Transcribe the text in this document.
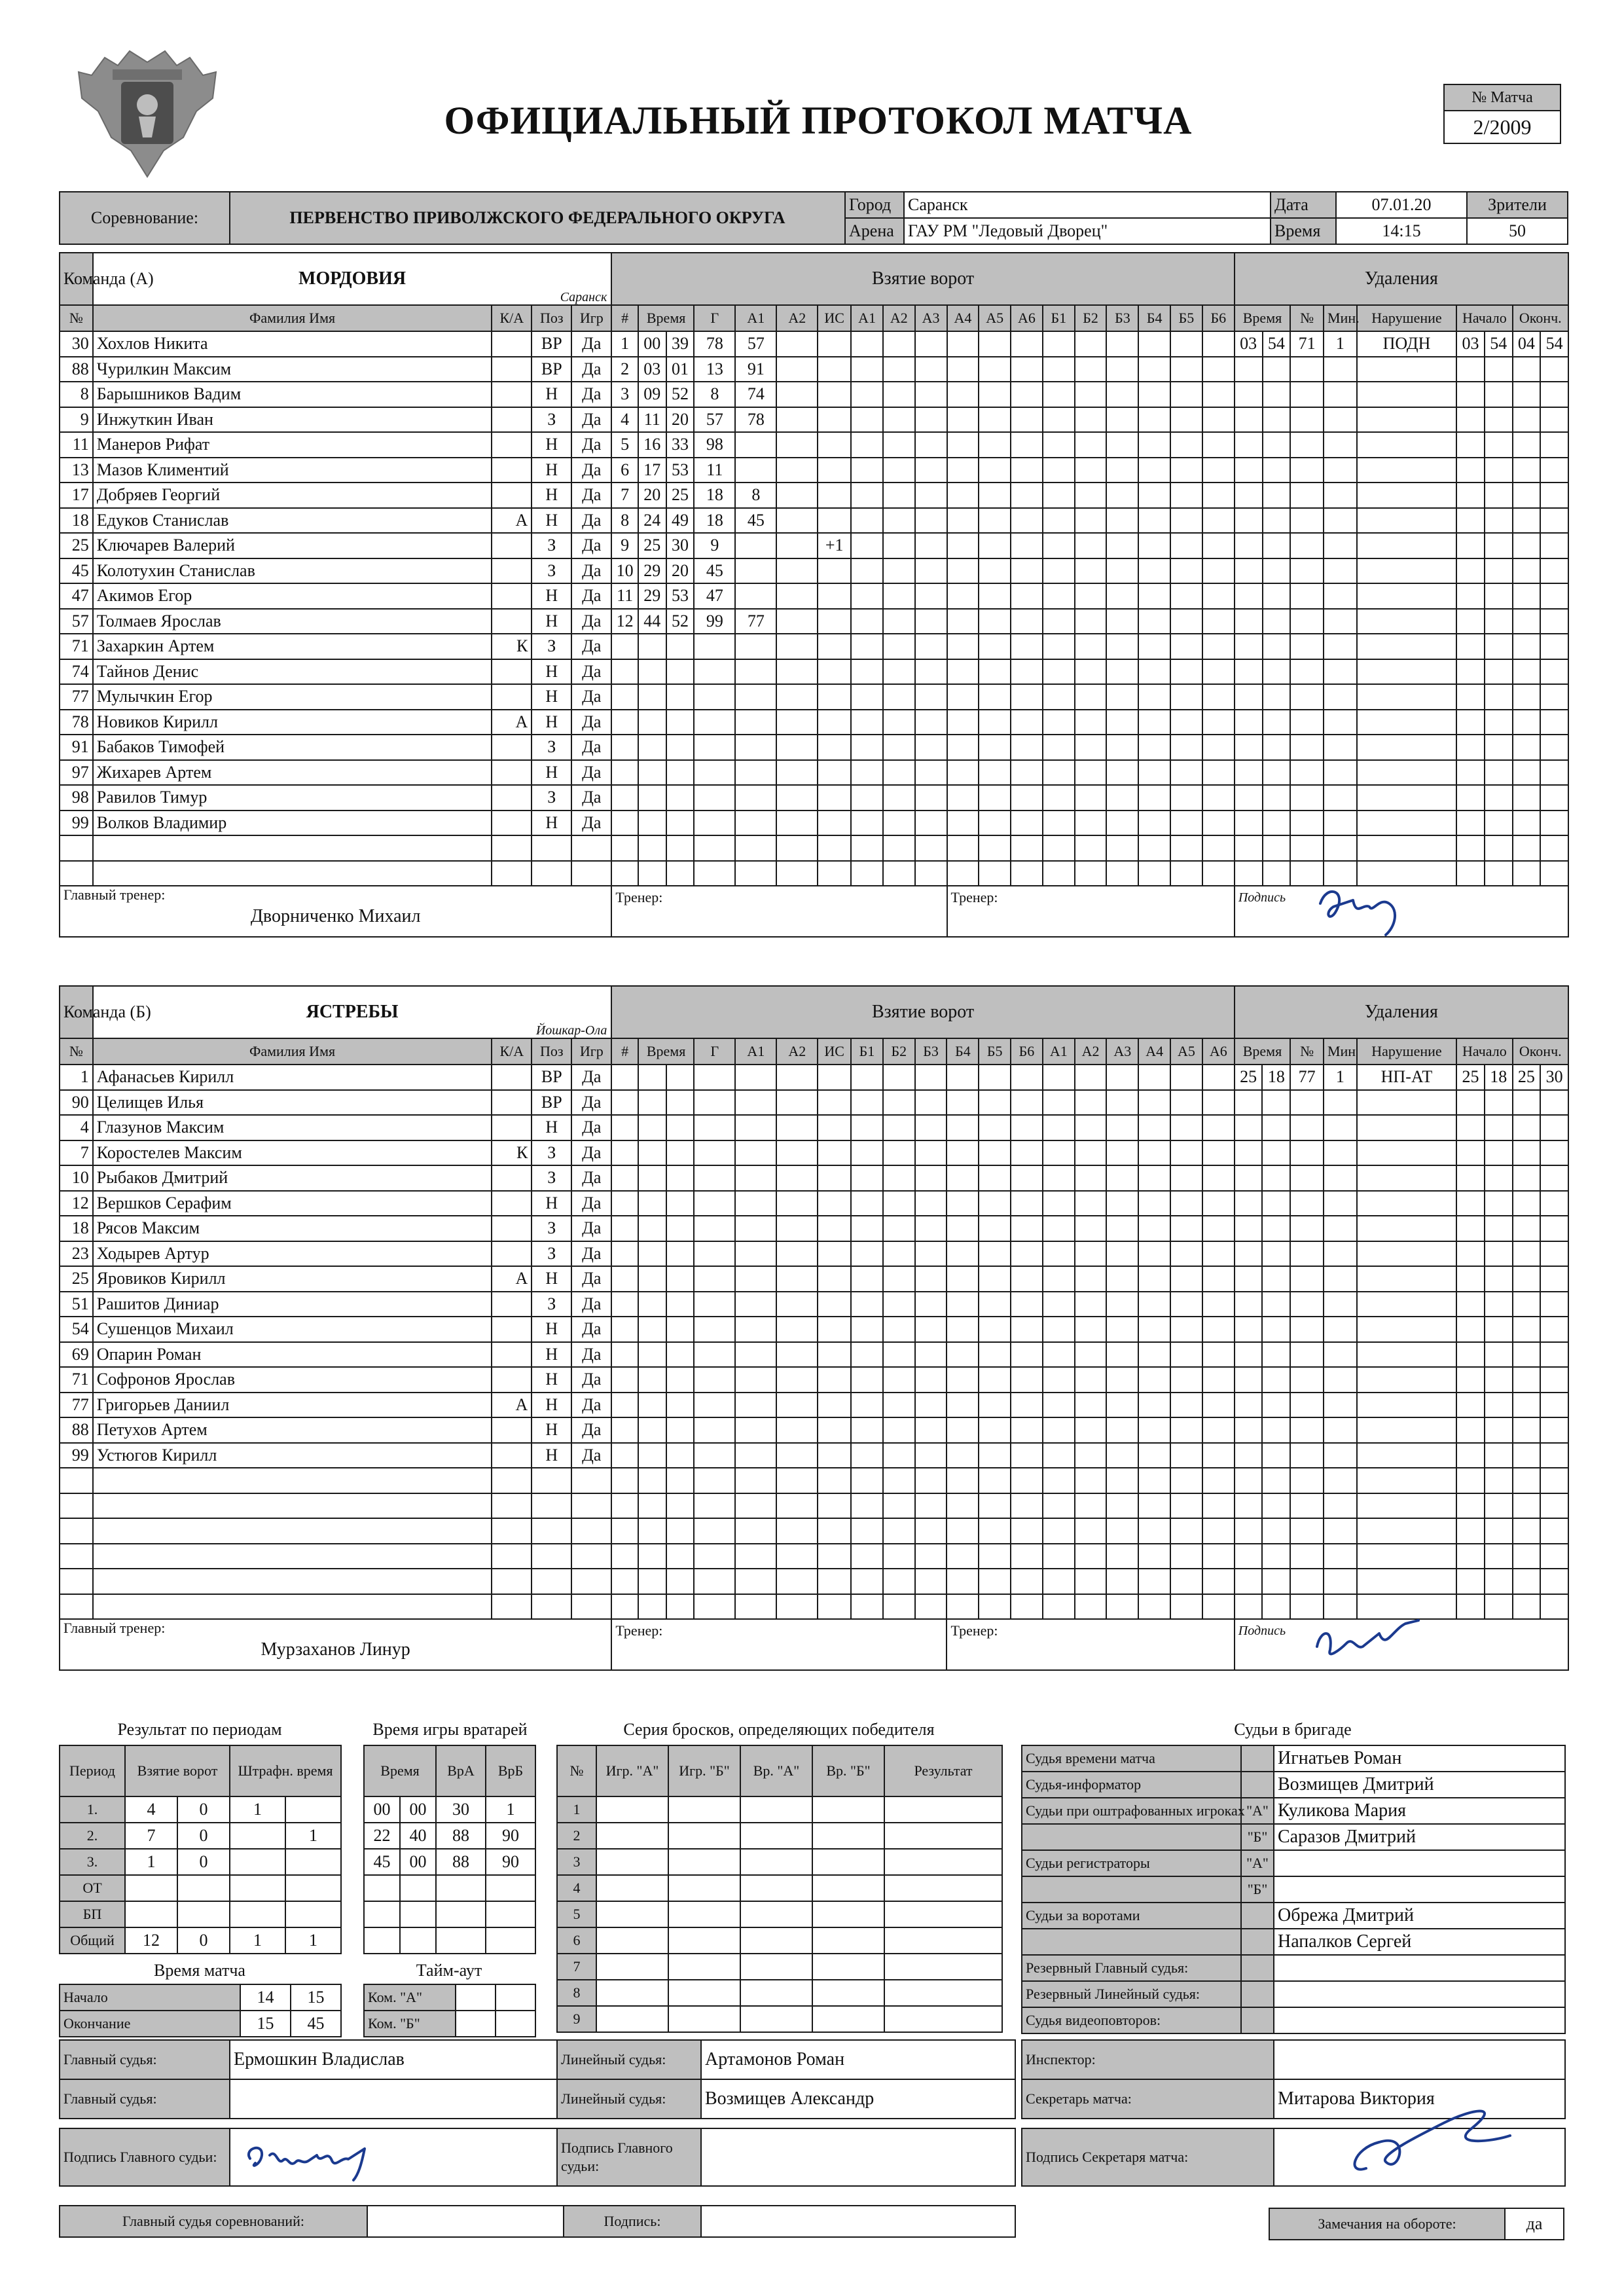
ОФИЦИАЛЬНЫЙ ПРОТОКОЛ МАТЧА
№ Матча
2/2009
Соревнование:	ПЕРВЕНСТВО ПРИВОЛЖСКОГО ФЕДЕРАЛЬНОГО ОКРУГА	Город	Саранск	Дата	07.01.20	Зрители
		Арена	ГАУ РМ "Ледовый Дворец"	Время	14:15	50
Команда (А)	МОРДОВИЯ
Саранск				Взятие ворот																			Удаления								
№	Фамилия Имя	К/А	Поз	Игр	#	Время		Г	А1	А2	ИС	А1	А2	А3	А4	А5	А6	Б1	Б2	Б3	Б4	Б5	Б6	Время		№	Мин.	Нарушение	Начало		Оконч.	
30	Хохлов Никита		ВР	Да	1	00	39	78	57															03	54	71	1	ПОДН	03	54	04	54
88	Чурилкин Максим		ВР	Да	2	03	01	13	91																							
8	Барышников Вадим		Н	Да	3	09	52	8	74																							
9	Инжуткин Иван		З	Да	4	11	20	57	78																							
11	Манеров Рифат		Н	Да	5	16	33	98																								
13	Мазов Климентий		Н	Да	6	17	53	11																								
17	Добряев Георгий		Н	Да	7	20	25	18	8																							
18	Едуков Станислав	А	Н	Да	8	24	49	18	45																							
25	Ключарев Валерий		З	Да	9	25	30	9			+1																					
45	Колотухин Станислав		З	Да	10	29	20	45																								
47	Акимов Егор		Н	Да	11	29	53	47																								
57	Толмаев Ярослав		Н	Да	12	44	52	99	77																							
71	Захаркин Артем	К	З	Да																												
74	Тайнов Денис		Н	Да																												
77	Мулычкин Егор		Н	Да																												
78	Новиков Кирилл	А	Н	Да																												
91	Бабаков Тимофей		З	Да																												
97	Жихарев Артем		Н	Да																												
98	Равилов Тимур		З	Да																												
99	Волков Владимир		Н	Да																												

Главный тренер:
Дворниченко Михаил					Тренер:										Тренер:									Подпись								
Команда (Б)	ЯСТРЕБЫ
Йошкар-Ола				Взятие ворот																			Удаления								
№	Фамилия Имя	К/А	Поз	Игр	#	Время		Г	А1	А2	ИС	Б1	Б2	Б3	Б4	Б5	Б6	А1	А2	А3	А4	А5	А6	Время		№	Мин	Нарушение	Начало		Оконч.	
1	Афанасьев Кирилл		ВР	Да																				25	18	77	1	НП-АТ	25	18	25	30
90	Целищев Илья		ВР	Да																												
4	Глазунов Максим		Н	Да																												
7	Коростелев Максим	К	З	Да																												
10	Рыбаков Дмитрий		З	Да																												
12	Вершков Серафим		Н	Да																												
18	Рясов Максим		З	Да																												
23	Ходырев Артур		З	Да																												
25	Яровиков Кирилл	А	Н	Да																												
51	Рашитов Диниар		З	Да																												
54	Сушенцов Михаил		Н	Да																												
69	Опарин Роман		Н	Да																												
71	Софронов Ярослав		Н	Да																												
77	Григорьев Даниил	А	Н	Да																												
88	Петухов Артем		Н	Да																												
99	Устюгов Кирилл		Н	Да																												

Главный тренер:
Мурзаханов Линур					Тренер:										Тренер:									Подпись								
Результат по периодам
Период	Взятие ворот		Штрафн. время	
1.	4	0	1	
2.	7	0		1
3.	1	0		
ОТ				
БП				
Общий	12	0	1	1
Время игры вратарей
Время		ВрА	ВрБ
00	00	30	1
22	40	88	90
45	00	88	90

Серия бросков, определяющих победителя
№	Игр. "А"	Игр. "Б"	Вр. "А"	Вр. "Б"	Результат
1					
2					
3					
4					
5					
6					
7					
8					
9					
Судьи в бригаде
Судья времени матча		Игнатьев Роман
Судья-информатор		Возмищев Дмитрий
Судьи при оштрафованных игроках	"А"	Куликова Мария
	"Б"	Саразов Дмитрий
Судьи регистраторы	"А"	
	"Б"	
Судьи за воротами		Обрежа Дмитрий
		Напалков Сергей
Резервный Главный судья:		
Резервный Линейный судья:		
Судья видеоповторов:		
Время матча
Начало	14	15
Окончание	15	45
Тайм-аут
Ком. "А"		
Ком. "Б"		
Главный судья:	Ермошкин Владислав	Линейный судья:	Артамонов Роман
Главный судья:		Линейный судья:	Возмищев Александр
Инспектор:	
Секретарь матча:	Митарова Виктория
Подпись Главного судьи:	
	Подпись Главного судьи:	
Подпись Секретаря матча:	
Главный судья соревнований:		Подпись:		Замечания на обороте:	да
